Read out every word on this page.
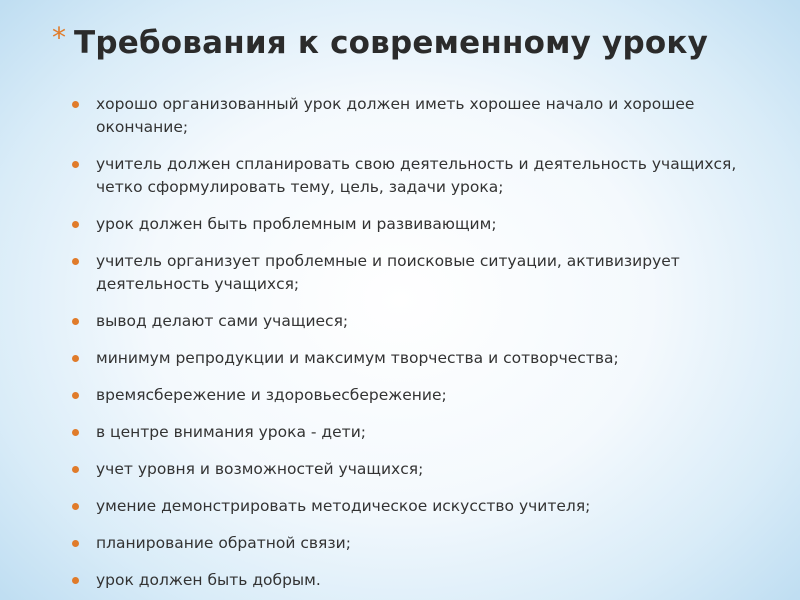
* Требования к современному уроку
хорошо организованный урок должен иметь хорошее начало и хорошее окончание;
учитель должен спланировать свою деятельность и деятельность учащихся, четко сформулировать тему, цель, задачи урока;
урок должен быть проблемным и развивающим;
учитель организует проблемные и поисковые ситуации, активизирует деятельность учащихся;
вывод делают сами учащиеся;
минимум репродукции и максимум творчества и сотворчества;
времясбережение и здоровьесбережение;
в центре внимания урока - дети;
учет уровня и возможностей учащихся;
умение демонстрировать методическое искусство учителя;
планирование обратной связи;
урок должен быть добрым.
